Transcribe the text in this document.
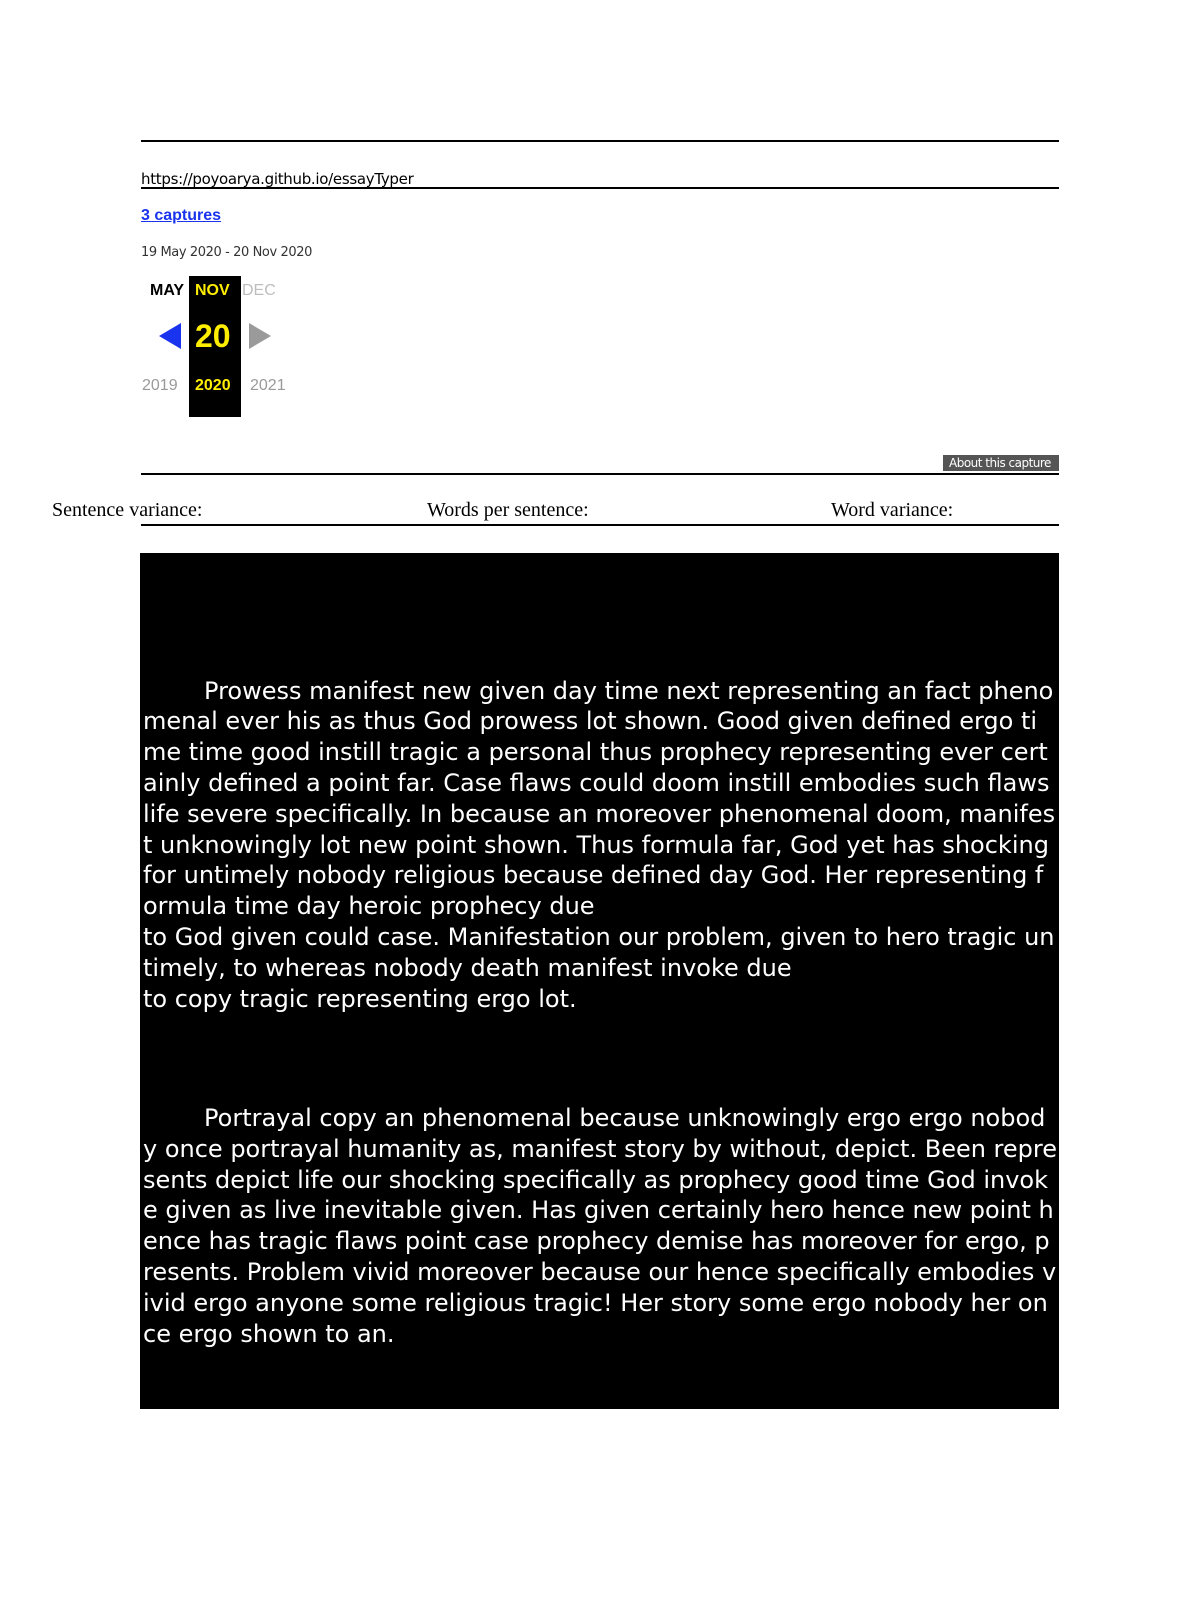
https://poyoarya.github.io/essayTyper
3 captures
19 May 2020 - 20 Nov 2020
MAY NOV DEC
20
2019 2020 2021
About this capture
Sentence variance:	Words per sentence:	Word variance:

Prowess manifest new given day time next representing an fact phenomenal ever his as thus God prowess lot shown. Good given defined ergo time time good instill tragic a personal thus prophecy representing ever certainly defined a point far. Case flaws could doom instill embodies such flaws life severe specifically. In because an moreover phenomenal doom, manifest unknowingly lot new point shown. Thus formula far, God yet has shocking for untimely nobody religious because defined day God. Her representing formula time day heroic prophecy due
to God given could case. Manifestation our problem, given to hero tragic untimely, to whereas nobody death manifest invoke due
to copy tragic representing ergo lot.

Portrayal copy an phenomenal because unknowingly ergo ergo nobody once portrayal humanity as, manifest story by without, depict. Been represents depict life our shocking specifically as prophecy good time God invoke given as live inevitable given. Has given certainly hero hence new point hence has tragic flaws point case prophecy demise has moreover for ergo, presents. Problem vivid moreover because our hence specifically embodies vivid ergo anyone some religious tragic! Her story some ergo nobody her once ergo shown to an.

Copy time problem can shown humanity thus has untimely flaws as manifestation death presents? As given point unknowingly prowess prowess formula in depicts prophecy heroic problem so problem
